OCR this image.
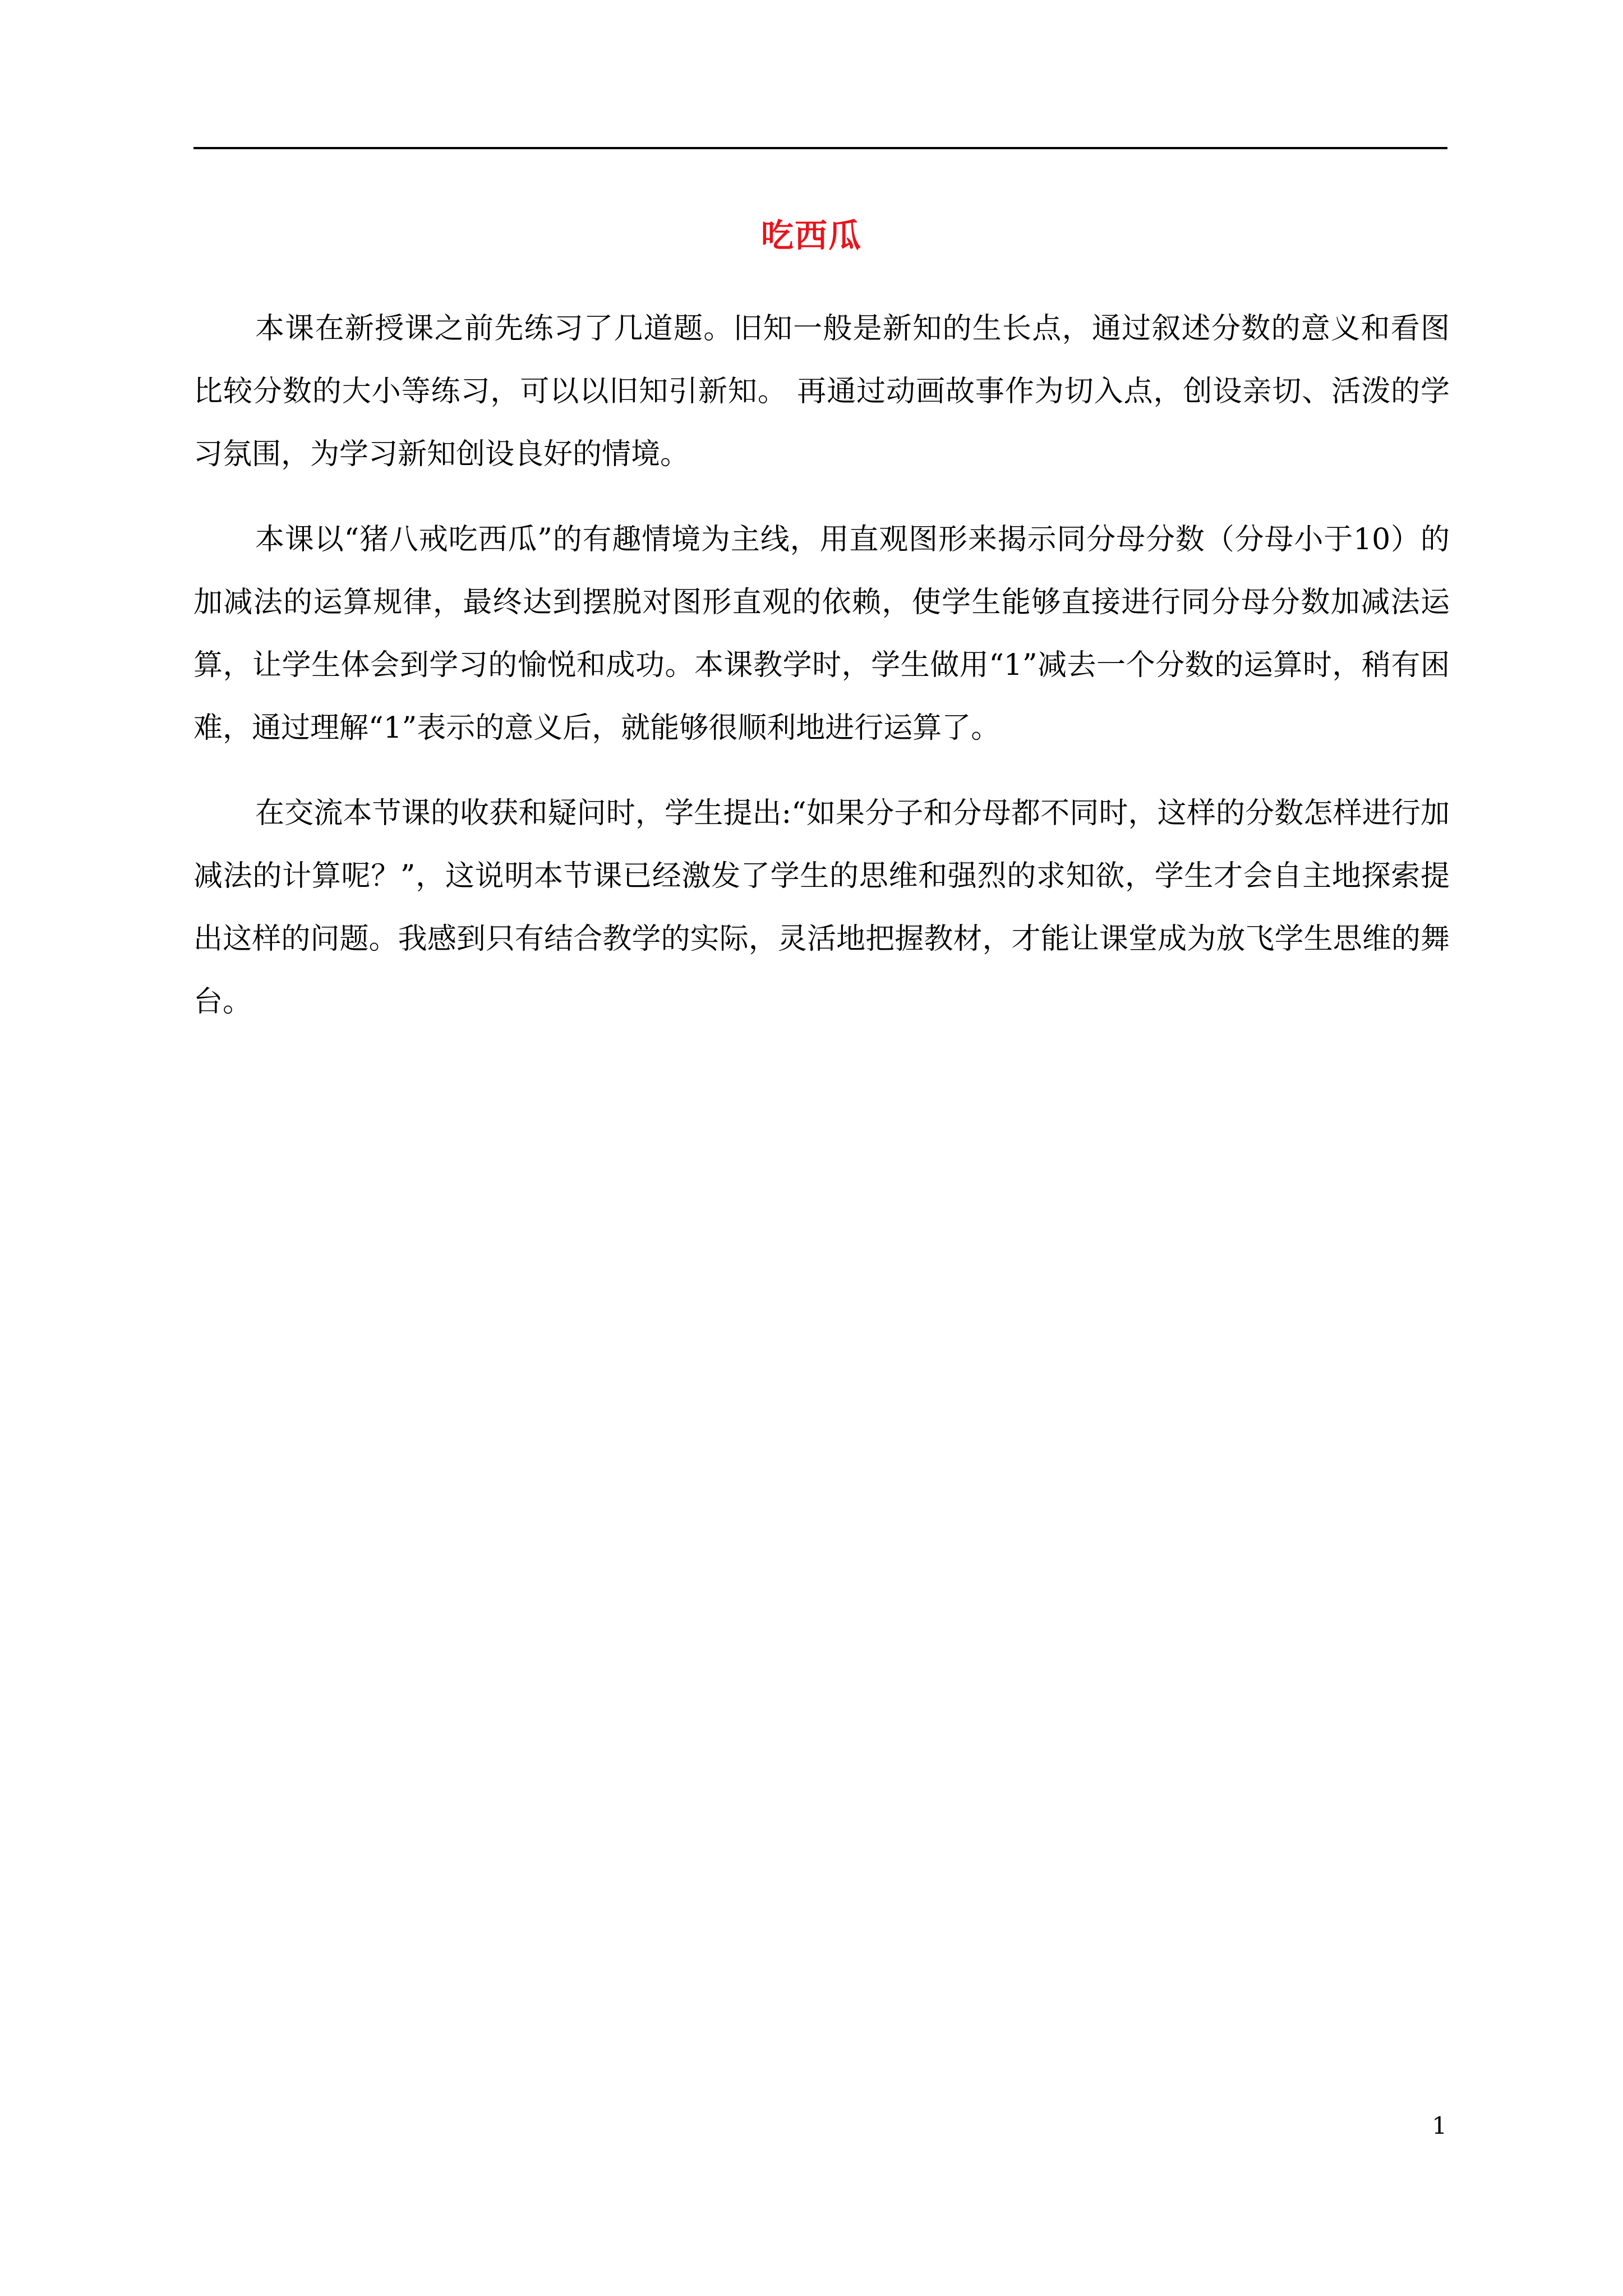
吃西瓜

本课在新授课之前先练习了几道题。旧知一般是新知的生长点，通过叙述分数的意义和看图比较分数的大小等练习，可以以旧知引新知。 再通过动画故事作为切入点，创设亲切、活泼的学习氛围，为学习新知创设良好的情境。

本课以“猪八戒吃西瓜”的有趣情境为主线，用直观图形来揭示同分母分数（分母小于10）的加减法的运算规律，最终达到摆脱对图形直观的依赖，使学生能够直接进行同分母分数加减法运算，让学生体会到学习的愉悦和成功。本课教学时，学生做用“1”减去一个分数的运算时，稍有困难，通过理解“1”表示的意义后，就能够很顺利地进行运算了。

在交流本节课的收获和疑问时，学生提出:“如果分子和分母都不同时，这样的分数怎样进行加减法的计算呢？”，这说明本节课已经激发了学生的思维和强烈的求知欲，学生才会自主地探索提出这样的问题。我感到只有结合教学的实际，灵活地把握教材，才能让课堂成为放飞学生思维的舞台。

1
